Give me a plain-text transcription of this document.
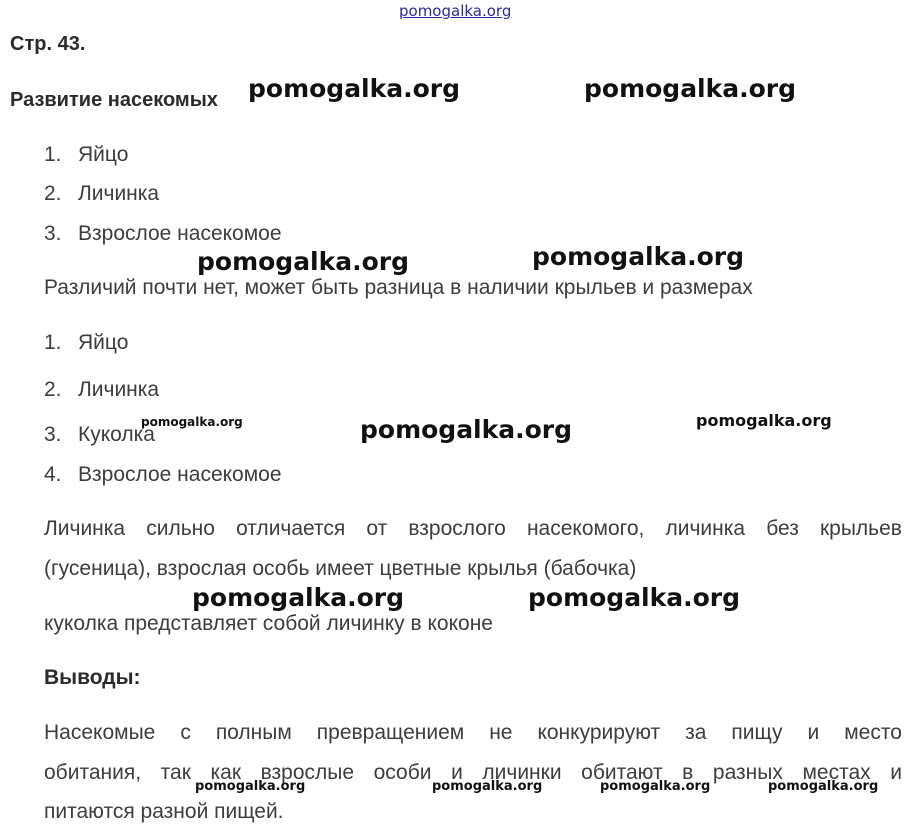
pomogalka.org
Стр. 43.
Развитие насекомых
1. Яйцо
2. Личинка
3. Взрослое насекомое
Различий почти нет, может быть разница в наличии крыльев и размерах
1. Яйцо
2. Личинка
3. Куколка
4. Взрослое насекомое
Личинка сильно отличается от взрослого насекомого, личинка без крыльев
(гусеница), взрослая особь имеет цветные крылья (бабочка)
куколка представляет собой личинку в коконе
Выводы:
Насекомые с полным превращением не конкурируют за пищу и место
обитания, так как взрослые особи и личинки обитают в разных местах и
питаются разной пищей.
pomogalka.org	pomogalka.org
pomogalka.org	pomogalka.org
pomogalka.org	pomogalka.org	pomogalka.org
pomogalka.org	pomogalka.org
pomogalka.org	pomogalka.org	pomogalka.org	pomogalka.org
